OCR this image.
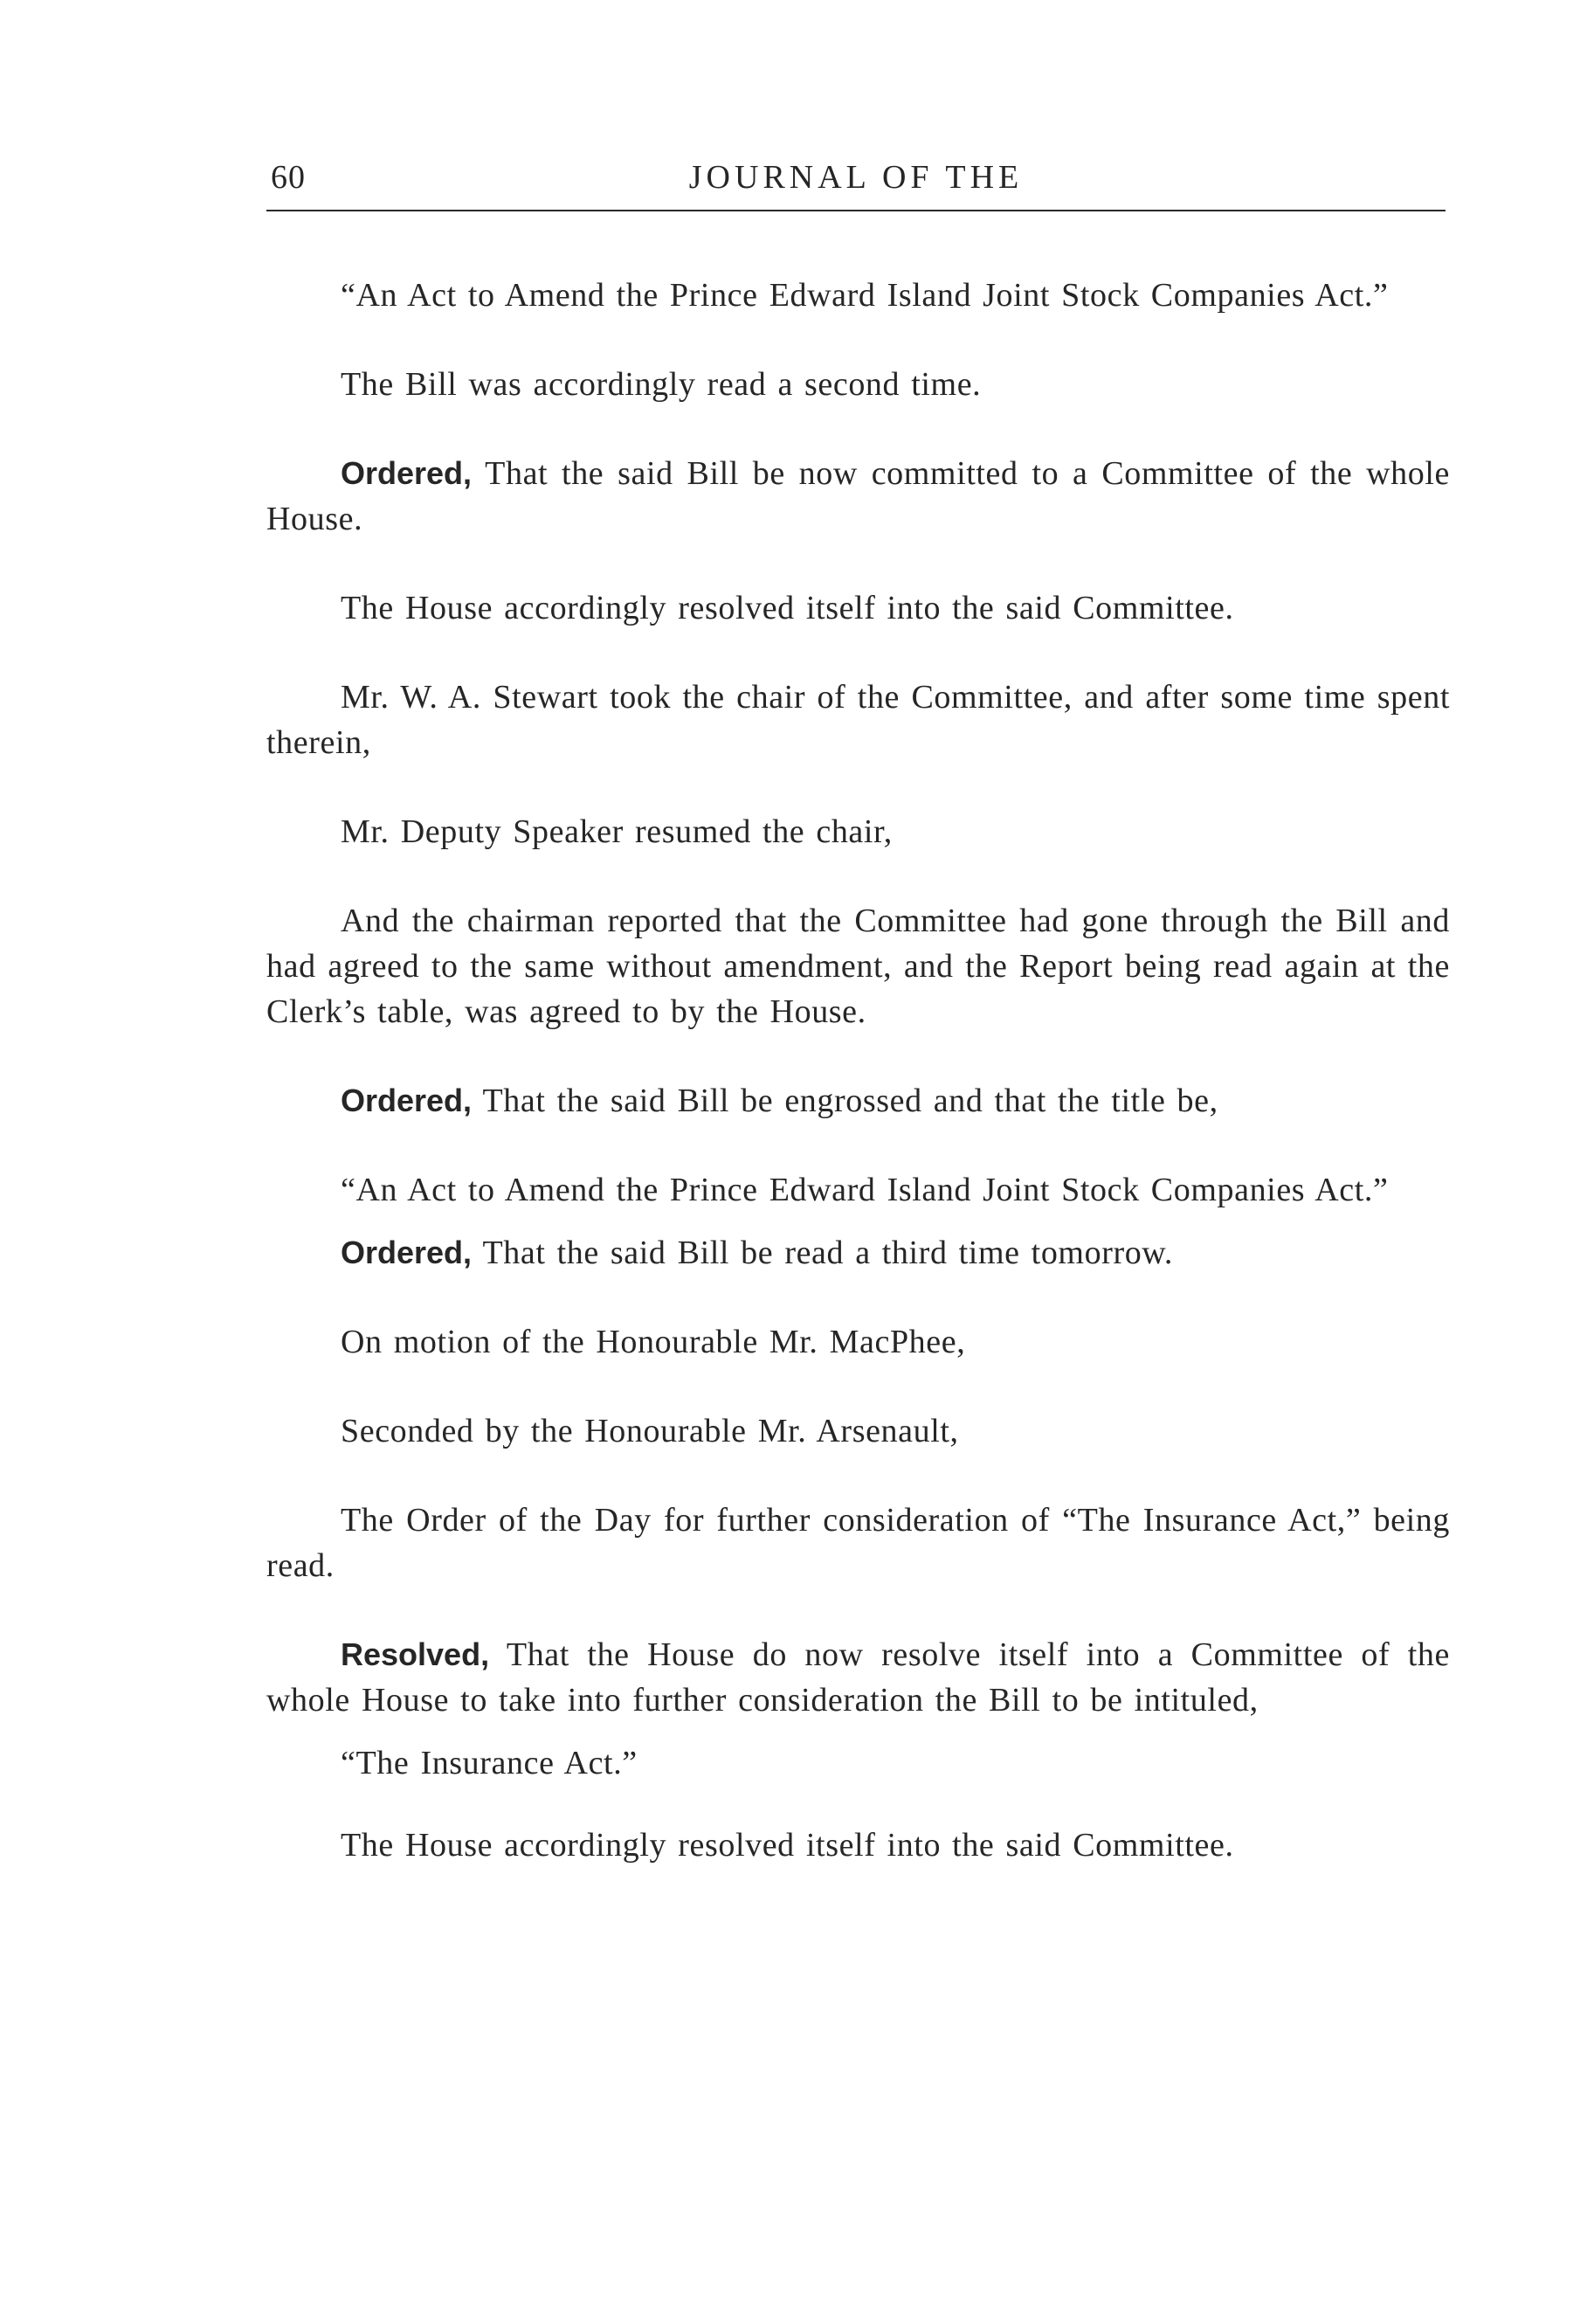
60	JOURNAL OF THE

“An Act to Amend the Prince Edward Island Joint Stock Companies Act.”

The Bill was accordingly read a second time.

Ordered, That the said Bill be now committed to a Committee of the whole House.

The House accordingly resolved itself into the said Committee.

Mr. W. A. Stewart took the chair of the Committee, and after some time spent therein,

Mr. Deputy Speaker resumed the chair,

And the chairman reported that the Committee had gone through the Bill and had agreed to the same without amendment, and the Report being read again at the Clerk’s table, was agreed to by the House.

Ordered, That the said Bill be engrossed and that the title be,

“An Act to Amend the Prince Edward Island Joint Stock Companies Act.”

Ordered, That the said Bill be read a third time tomorrow.

On motion of the Honourable Mr. MacPhee,

Seconded by the Honourable Mr. Arsenault,

The Order of the Day for further consideration of “The Insurance Act,” being read.

Resolved, That the House do now resolve itself into a Committee of the whole House to take into further consideration the Bill to be intituled,

“The Insurance Act.”

The House accordingly resolved itself into the said Committee.
